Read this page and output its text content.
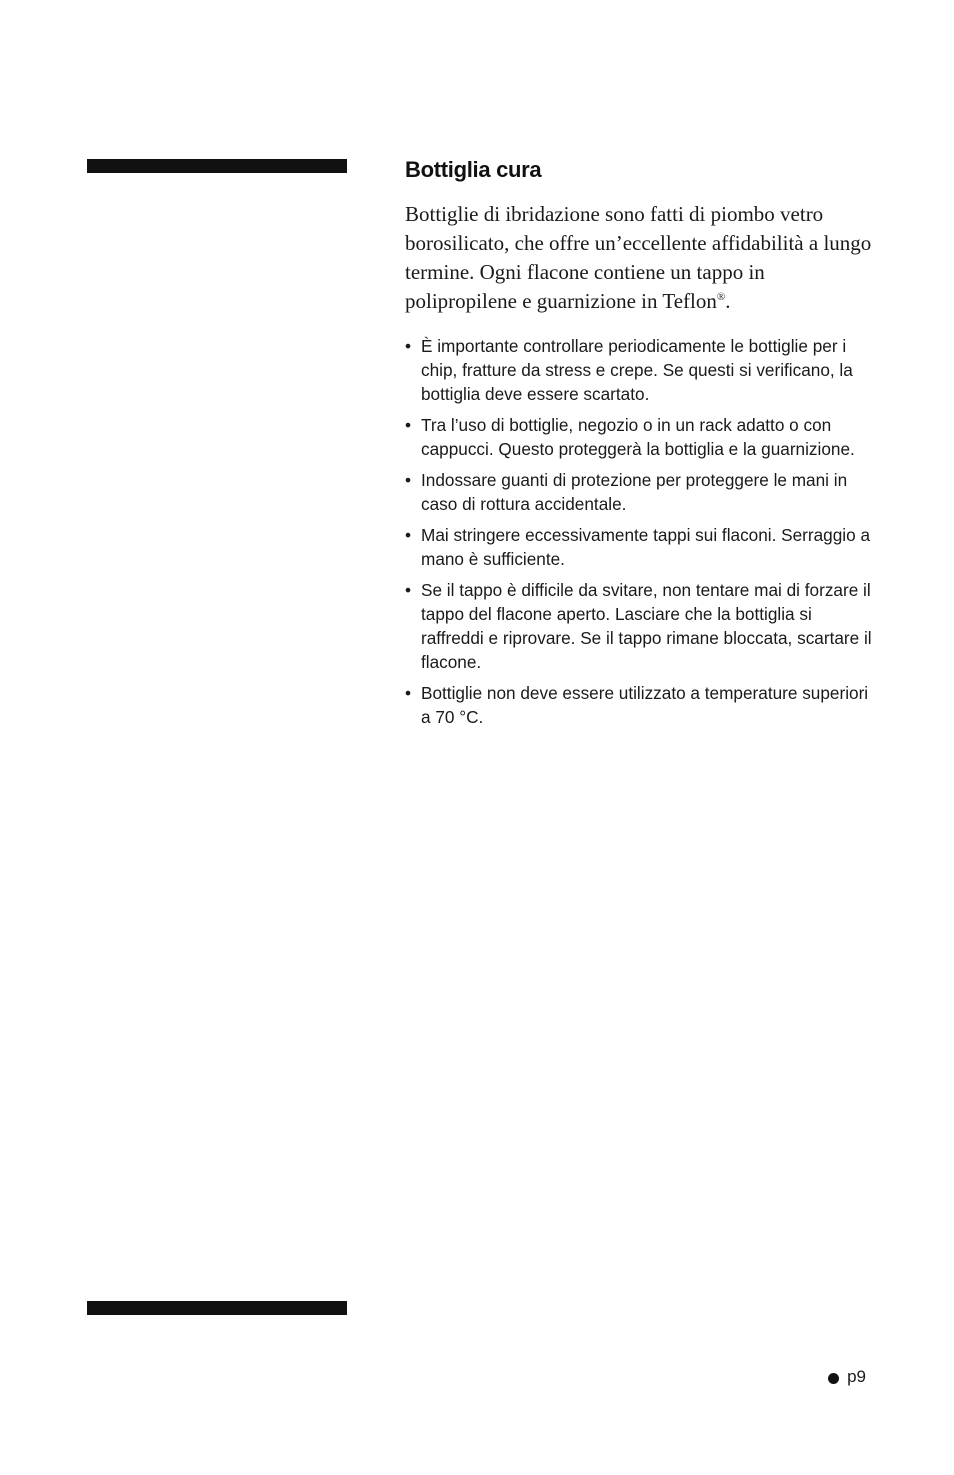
Bottiglia cura

Bottiglie di ibridazione sono fatti di piombo vetro borosilicato, che offre un’eccellente affidabilità a lungo termine. Ogni flacone contiene un tappo in polipropilene e guarnizione in Teflon®.

• È importante controllare periodicamente le bottiglie per i chip, fratture da stress e crepe. Se questi si verificano, la bottiglia deve essere scartato.
• Tra l’uso di bottiglie, negozio o in un rack adatto o con cappucci. Questo proteggerà la bottiglia e la guarnizione.
• Indossare guanti di protezione per proteggere le mani in caso di rottura accidentale.
• Mai stringere eccessivamente tappi sui flaconi. Serraggio a mano è sufficiente.
• Se il tappo è difficile da svitare, non tentare mai di forzare il tappo del flacone aperto. Lasciare che la bottiglia si raffreddi e riprovare. Se il tappo rimane bloccata, scartare il flacone.
• Bottiglie non deve essere utilizzato a temperature superiori a 70 °C.
p9
